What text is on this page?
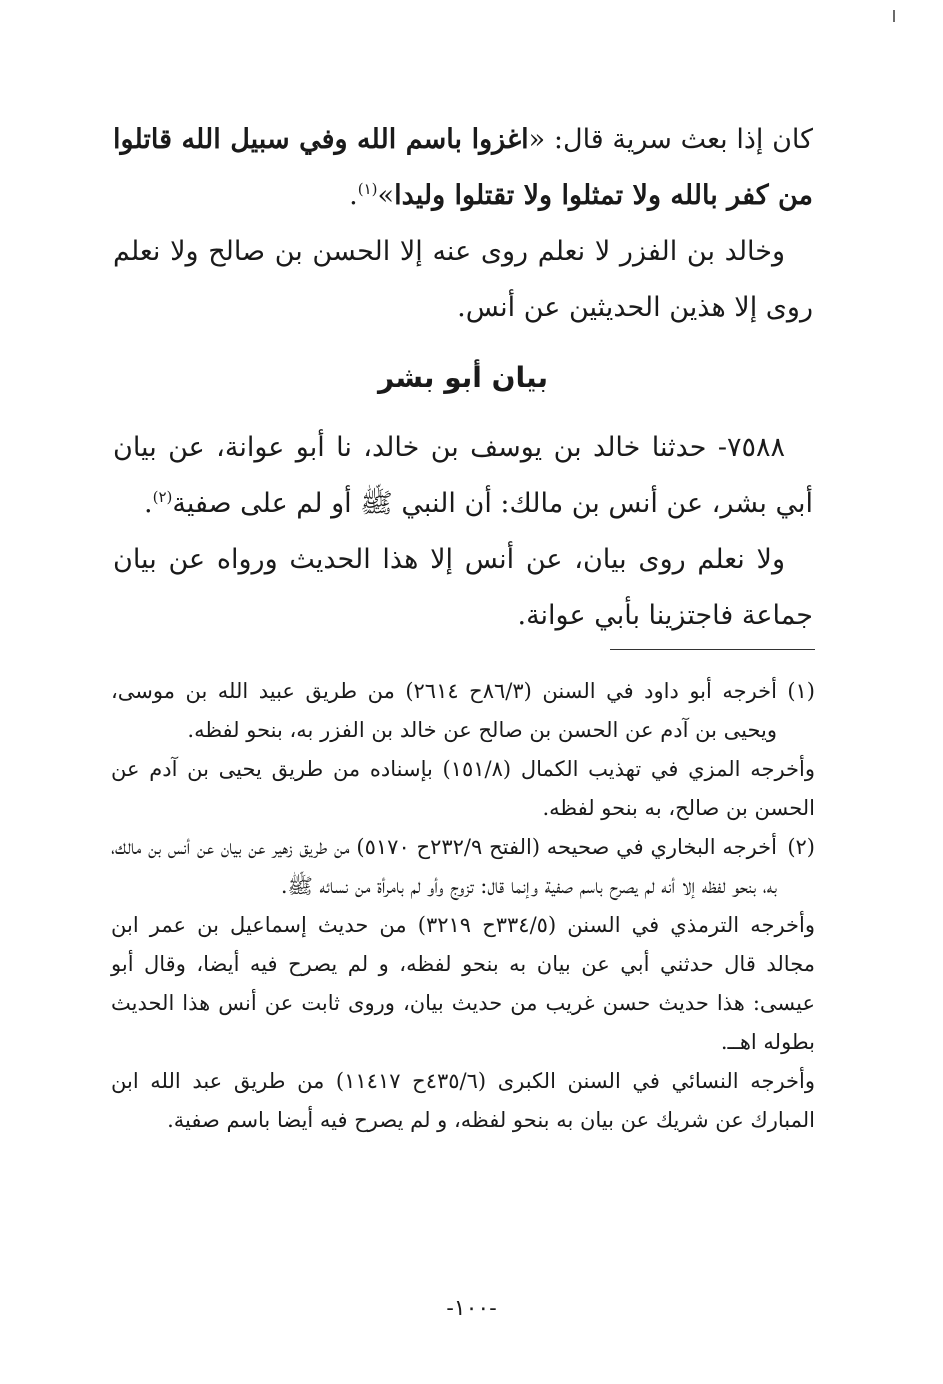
كان إذا بعث سرية قال: «اغزوا باسم الله وفي سبيل الله قاتلوا من كفر بالله ولا تمثلوا ولا تقتلوا وليدا»$^{(١)}$.

وخالد بن الفزر لا نعلم روى عنه إلا الحسن بن صالح ولا نعلم روى إلا هذين الحديثين عن أنس.

بيان أبو بشر

٧٥٨٨- حدثنا خالد بن يوسف بن خالد، نا أبو عوانة، عن بيان أبي بشر، عن أنس بن مالك: أن النبي ﷺ أو لم على صفية$^{(٢)}$.

ولا نعلم روى بيان، عن أنس إلا هذا الحديث ورواه عن بيان جماعة فاجتزينا بأبي عوانة.

(١)

أخرجه أبو داود في السنن (٨٦/٣ح ٢٦١٤) من طريق عبيد الله بن موسى، ويحيى بن آدم عن الحسن بن صالح عن خالد بن الفزر به، بنحو لفظه.

وأخرجه المزي في تهذيب الكمال (١٥١/٨) بإسناده من طريق يحيى بن آدم عن الحسن بن صالح، به بنحو لفظه.

(٢)

أخرجه البخاري في صحيحه (الفتح ٢٣٢/٩ح ٥١٧٠) من طريق زهير عن بيان عن أنس بن مالك، به، بنحو لفظه إلا أنه لم يصرح باسم صفية وإنما قال: تزوج وأو لم بامرأة من نسائه ﷺ.

وأخرجه الترمذي في السنن (٣٣٤/٥ح ٣٢١٩) من حديث إسماعيل بن عمر ابن مجالد قال حدثني أبي عن بيان به بنحو لفظه، و لم يصرح فيه أيضا، وقال أبو عيسى: هذا حديث حسن غريب من حديث بيان، وروى ثابت عن أنس هذا الحديث بطوله اهــ.

وأخرجه النسائي في السنن الكبرى (٤٣٥/٦ح ١١٤١٧) من طريق عبد الله ابن المبارك عن شريك عن بيان به بنحو لفظه، و لم يصرح فيه أيضا باسم صفية.

-١٠٠-
